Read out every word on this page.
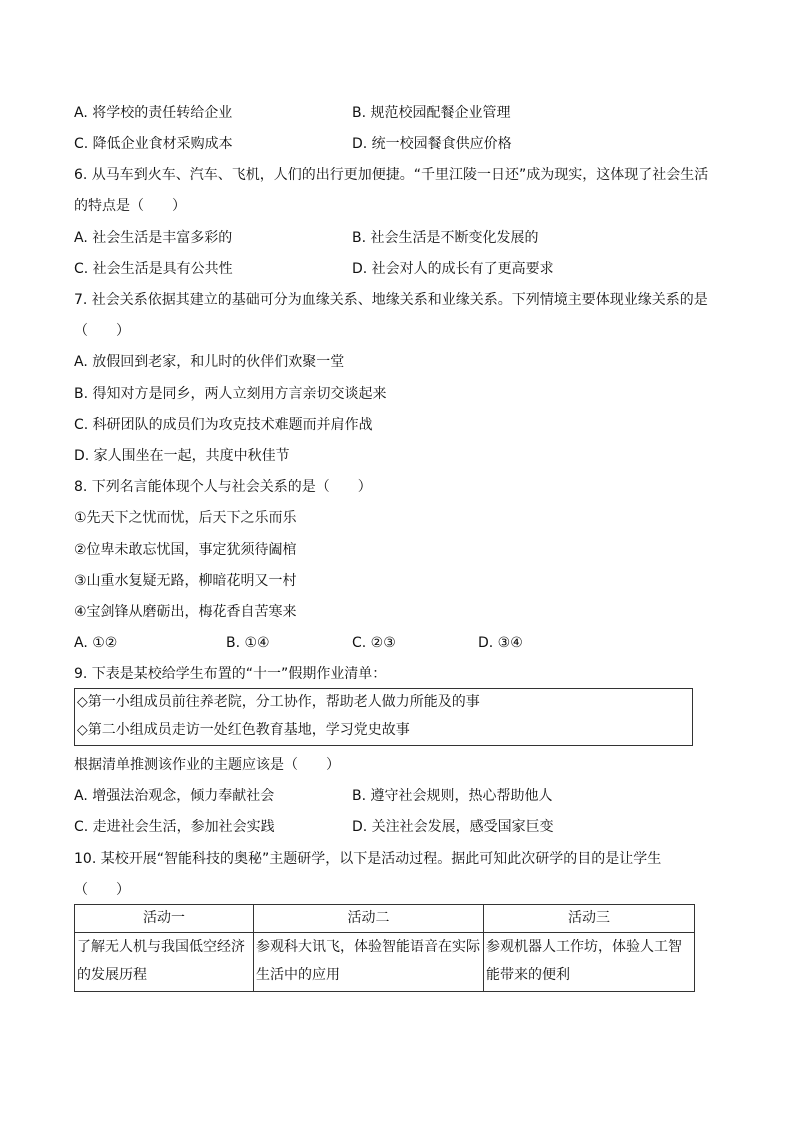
A. 将学校的责任转给企业	B. 规范校园配餐企业管理
C. 降低企业食材采购成本	D. 统一校园餐食供应价格
6. 从马车到火车、汽车、飞机，人们的出行更加便捷。“千里江陵一日还”成为现实，这体现了社会生活
的特点是（　　）
A. 社会生活是丰富多彩的	B. 社会生活是不断变化发展的
C. 社会生活是具有公共性	D. 社会对人的成长有了更高要求
7. 社会关系依据其建立的基础可分为血缘关系、地缘关系和业缘关系。下列情境主要体现业缘关系的是
（　　）
A. 放假回到老家，和儿时的伙伴们欢聚一堂
B. 得知对方是同乡，两人立刻用方言亲切交谈起来
C. 科研团队的成员们为攻克技术难题而并肩作战
D. 家人围坐在一起，共度中秋佳节
8. 下列名言能体现个人与社会关系的是（　　）
①先天下之忧而忧，后天下之乐而乐
②位卑未敢忘忧国，事定犹须待阖棺
③山重水复疑无路，柳暗花明又一村
④宝剑锋从磨砺出，梅花香自苦寒来
A. ①②	B. ①④	C. ②③	D. ③④
9. 下表是某校给学生布置的“十一”假期作业清单：
◇第一小组成员前往养老院，分工协作，帮助老人做力所能及的事
◇第二小组成员走访一处红色教育基地，学习党史故事
根据清单推测该作业的主题应该是（　　）
A. 增强法治观念，倾力奉献社会	B. 遵守社会规则，热心帮助他人
C. 走进社会生活，参加社会实践	D. 关注社会发展，感受国家巨变
10. 某校开展“智能科技的奥秘”主题研学，以下是活动过程。据此可知此次研学的目的是让学生
（　　）
活动一	活动二	活动三
了解无人机与我国低空经济的发展历程	参观科大讯飞，体验智能语音在实际生活中的应用	参观机器人工作坊，体验人工智能带来的便利
